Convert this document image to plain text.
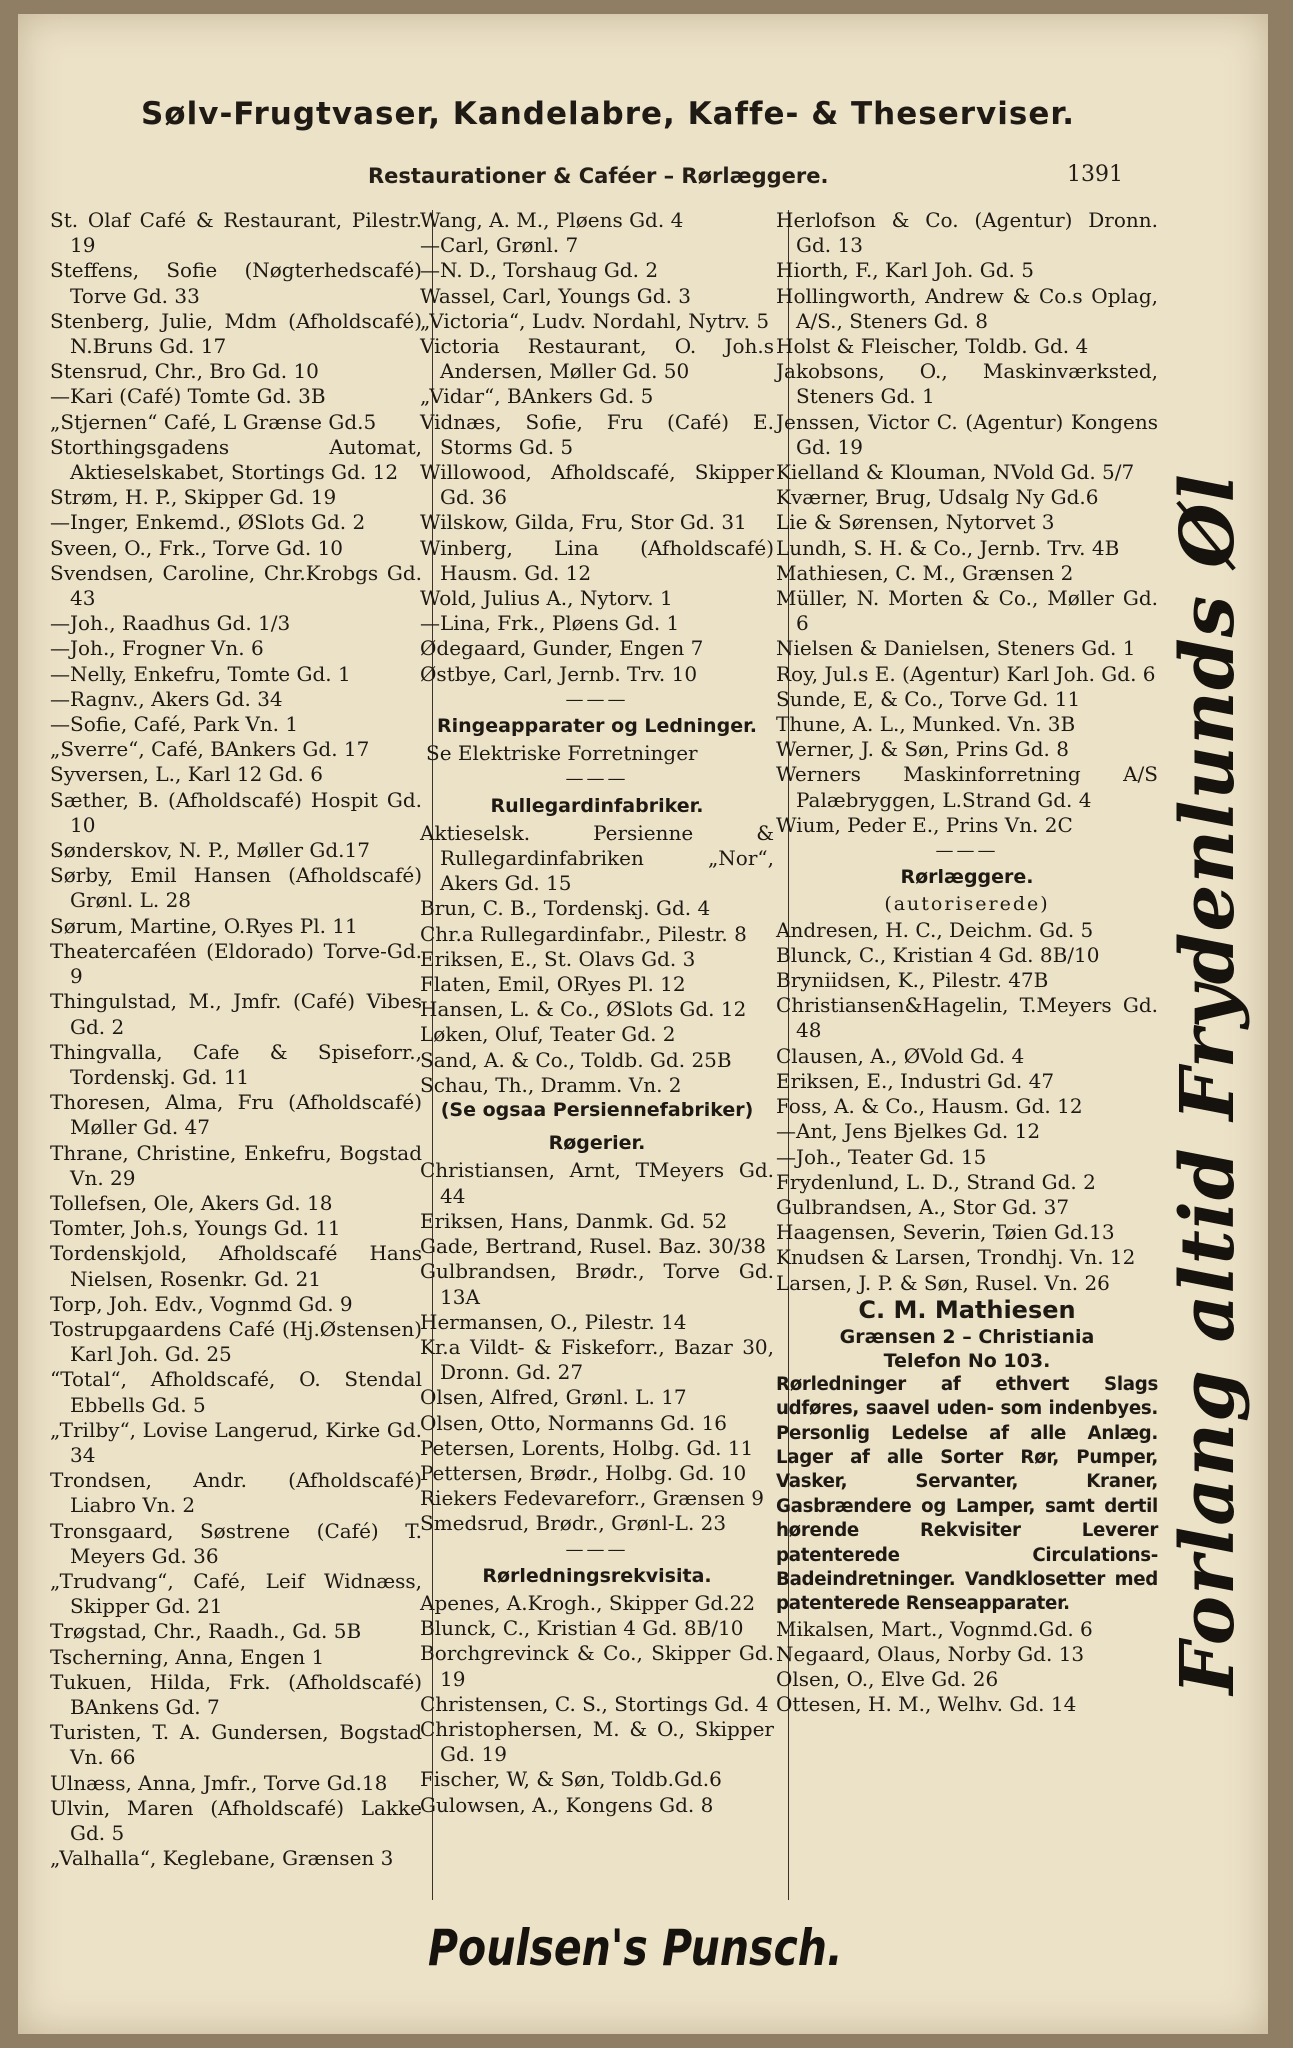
Sølv-Frugtvaser, Kandelabre, Kaffe- & Theserviser.
Restaurationer & Caféer – Rørlæggere.	1391

St. Olaf Café & Restaurant, Pilestr. 19

Steffens, Sofie (Nøgterhedscafé) Torve Gd. 33

Stenberg, Julie, Mdm (Afholdscafé) N.Bruns Gd. 17

Stensrud, Chr., Bro Gd. 10

—Kari (Café) Tomte Gd. 3B

„Stjernen“ Café, L Grænse Gd.5

Storthingsgadens Automat, Aktieselskabet, Stortings Gd. 12

Strøm, H. P., Skipper Gd. 19

—Inger, Enkemd., ØSlots Gd. 2

Sveen, O., Frk., Torve Gd. 10

Svendsen, Caroline, Chr.Krobgs Gd. 43

—Joh., Raadhus Gd. 1/3

—Joh., Frogner Vn. 6

—Nelly, Enkefru, Tomte Gd. 1

—Ragnv., Akers Gd. 34

—Sofie, Café, Park Vn. 1

„Sverre“, Café, BAnkers Gd. 17

Syversen, L., Karl 12 Gd. 6

Sæther, B. (Afholdscafé) Hospit Gd. 10

Sønderskov, N. P., Møller Gd.17

Sørby, Emil Hansen (Afholdscafé) Grønl. L. 28

Sørum, Martine, O.Ryes Pl. 11

Theatercaféen (Eldorado) Torve-Gd. 9

Thingulstad, M., Jmfr. (Café) Vibes Gd. 2

Thingvalla, Cafe & Spiseforr., Tordenskj. Gd. 11

Thoresen, Alma, Fru (Afholdscafé) Møller Gd. 47

Thrane, Christine, Enkefru, Bogstad Vn. 29

Tollefsen, Ole, Akers Gd. 18

Tomter, Joh.s, Youngs Gd. 11

Tordenskjold, Afholdscafé Hans Nielsen, Rosenkr. Gd. 21

Torp, Joh. Edv., Vognmd Gd. 9

Tostrupgaardens Café (Hj.Østensen) Karl Joh. Gd. 25

“Total“, Afholdscafé, O. Stendal Ebbells Gd. 5

„Trilby“, Lovise Langerud, Kirke Gd. 34

Trondsen, Andr. (Afholdscafé) Liabro Vn. 2

Tronsgaard, Søstrene (Café) T. Meyers Gd. 36

„Trudvang“, Café, Leif Widnæss, Skipper Gd. 21

Trøgstad, Chr., Raadh., Gd. 5B

Tscherning, Anna, Engen 1

Tukuen, Hilda, Frk. (Afholdscafé) BAnkens Gd. 7

Turisten, T. A. Gundersen, Bogstad Vn. 66

Ulnæss, Anna, Jmfr., Torve Gd.18

Ulvin, Maren (Afholdscafé) Lakke Gd. 5

„Valhalla“, Keglebane, Grænsen 3

Wang, A. M., Pløens Gd. 4

—Carl, Grønl. 7

—N. D., Torshaug Gd. 2

Wassel, Carl, Youngs Gd. 3

„Victoria“, Ludv. Nordahl, Nytrv. 5

Victoria Restaurant, O. Joh.s Andersen, Møller Gd. 50

„Vidar“, BAnkers Gd. 5

Vidnæs, Sofie, Fru (Café) E. Storms Gd. 5

Willowood, Afholdscafé, Skipper Gd. 36

Wilskow, Gilda, Fru, Stor Gd. 31

Winberg, Lina (Afholdscafé) Hausm. Gd. 12

Wold, Julius A., Nytorv. 1

—Lina, Frk., Pløens Gd. 1

Ødegaard, Gunder, Engen 7

Østbye, Carl, Jernb. Trv. 10

———
Ringeapparater og Ledninger.
Se Elektriske Forretninger
———
Rullegardinfabriker.

Aktieselsk. Persienne & Rullegardinfabriken „Nor“, Akers Gd. 15

Brun, C. B., Tordenskj. Gd. 4

Chr.a Rullegardinfabr., Pilestr. 8

Eriksen, E., St. Olavs Gd. 3

Flaten, Emil, ORyes Pl. 12

Hansen, L. & Co., ØSlots Gd. 12

Løken, Oluf, Teater Gd. 2

Sand, A. & Co., Toldb. Gd. 25B

Schau, Th., Dramm. Vn. 2

(Se ogsaa Persiennefabriker)
Røgerier.

Christiansen, Arnt, TMeyers Gd. 44

Eriksen, Hans, Danmk. Gd. 52

Gade, Bertrand, Rusel. Baz. 30/38

Gulbrandsen, Brødr., Torve Gd. 13A

Hermansen, O., Pilestr. 14

Kr.a Vildt- & Fiskeforr., Bazar 30, Dronn. Gd. 27

Olsen, Alfred, Grønl. L. 17

Olsen, Otto, Normanns Gd. 16

Petersen, Lorents, Holbg. Gd. 11

Pettersen, Brødr., Holbg. Gd. 10

Riekers Fedevareforr., Grænsen 9

Smedsrud, Brødr., Grønl-L. 23

———
Rørledningsrekvisita.

Apenes, A.Krogh., Skipper Gd.22

Blunck, C., Kristian 4 Gd. 8B/10

Borchgrevinck & Co., Skipper Gd. 19

Christensen, C. S., Stortings Gd. 4

Christophersen, M. & O., Skipper Gd. 19

Fischer, W, & Søn, Toldb.Gd.6

Gulowsen, A., Kongens Gd. 8

Herlofson & Co. (Agentur) Dronn. Gd. 13

Hiorth, F., Karl Joh. Gd. 5

Hollingworth, Andrew & Co.s Oplag, A/S., Steners Gd. 8

Holst & Fleischer, Toldb. Gd. 4

Jakobsons, O., Maskinværksted, Steners Gd. 1

Jenssen, Victor C. (Agentur) Kongens Gd. 19

Kielland & Klouman, NVold Gd. 5/7

Kværner, Brug, Udsalg Ny Gd.6

Lie & Sørensen, Nytorvet 3

Lundh, S. H. & Co., Jernb. Trv. 4B

Mathiesen, C. M., Grænsen 2

Müller, N. Morten & Co., Møller Gd. 6

Nielsen & Danielsen, Steners Gd. 1

Roy, Jul.s E. (Agentur) Karl Joh. Gd. 6

Sunde, E, & Co., Torve Gd. 11

Thune, A. L., Munked. Vn. 3B

Werner, J. & Søn, Prins Gd. 8

Werners Maskinforretning A/S Palæbryggen, L.Strand Gd. 4

Wium, Peder E., Prins Vn. 2C

———
Rørlæggere.
(autoriserede)

Andresen, H. C., Deichm. Gd. 5

Blunck, C., Kristian 4 Gd. 8B/10

Bryniidsen, K., Pilestr. 47B

Christiansen&Hagelin, T.Meyers Gd. 48

Clausen, A., ØVold Gd. 4

Eriksen, E., Industri Gd. 47

Foss, A. & Co., Hausm. Gd. 12

—Ant, Jens Bjelkes Gd. 12

—Joh., Teater Gd. 15

Frydenlund, L. D., Strand Gd. 2

Gulbrandsen, A., Stor Gd. 37

Haagensen, Severin, Tøien Gd.13

Knudsen & Larsen, Trondhj. Vn. 12

Larsen, J. P. & Søn, Rusel. Vn. 26

C. M. Mathiesen
Grænsen 2 – Christiania
Telefon No 103.
Rørledninger af ethvert Slags udføres, saavel uden- som indenbyes. Personlig Ledelse af alle Anlæg. Lager af alle Sorter Rør, Pumper, Vasker, Servanter, Kraner, Gasbrændere og Lamper, samt dertil hørende Rekvisiter Leverer patenterede Circulations-Badeindretninger. Vandklosetter med patenterede Renseapparater.

Mikalsen, Mart., Vognmd.Gd. 6

Negaard, Olaus, Norby Gd. 13

Olsen, O., Elve Gd. 26

Ottesen, H. M., Welhv. Gd. 14

Forlang altid Frydenlunds Øl
Poulsen's Punsch.
